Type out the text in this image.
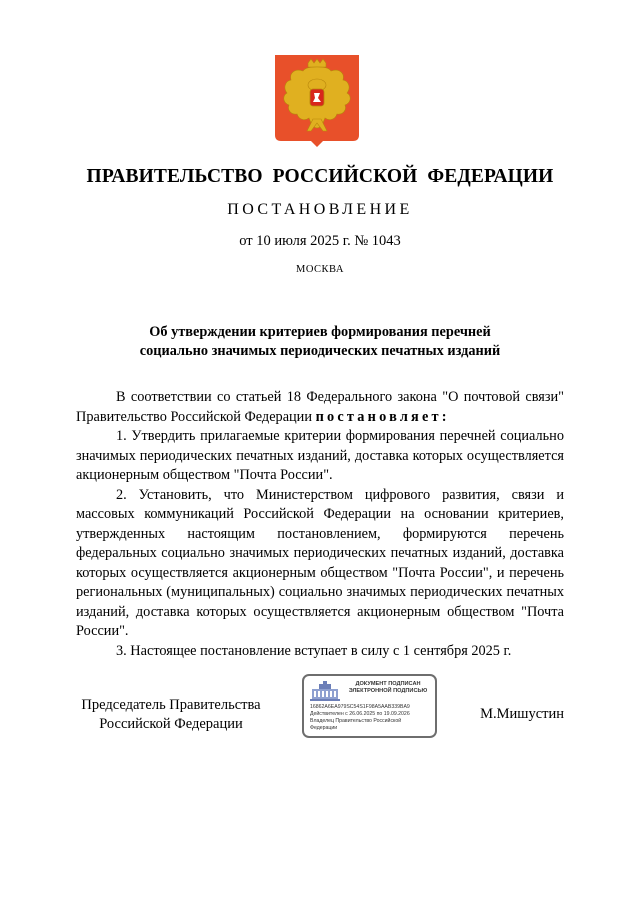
ПРАВИТЕЛЬСТВО РОССИЙСКОЙ ФЕДЕРАЦИИ
ПОСТАНОВЛЕНИЕ
от 10 июля 2025 г. № 1043
МОСКВА
Об утверждении критериев формирования перечней
социально значимых периодических печатных изданий

В соответствии со статьей 18 Федерального закона "О почтовой связи" Правительство Российской Федерации постановляет:

1. Утвердить прилагаемые критерии формирования перечней социально значимых периодических печатных изданий, доставка которых осуществляется акционерным обществом "Почта России".

2. Установить, что Министерством цифрового развития, связи и массовых коммуникаций Российской Федерации на основании критериев, утвержденных настоящим постановлением, формируются перечень федеральных социально значимых периодических печатных изданий, доставка которых осуществляется акционерным обществом "Почта России", и перечень региональных (муниципальных) социально значимых периодических печатных изданий, доставка которых осуществляется акционерным обществом "Почта России".

3. Настоящее постановление вступает в силу с 1 сентября 2025 г.

Председатель Правительства
Российской Федерации
ДОКУМЕНТ ПОДПИСАН
ЭЛЕКТРОННОЙ ПОДПИСЬЮ
16862A6EA979SC54S1F98A5AAB339BA9
Действителен с 26.06.2025 по 19.09.2026
Владелец Правительство Российской
Федерации
М.Мишустин
